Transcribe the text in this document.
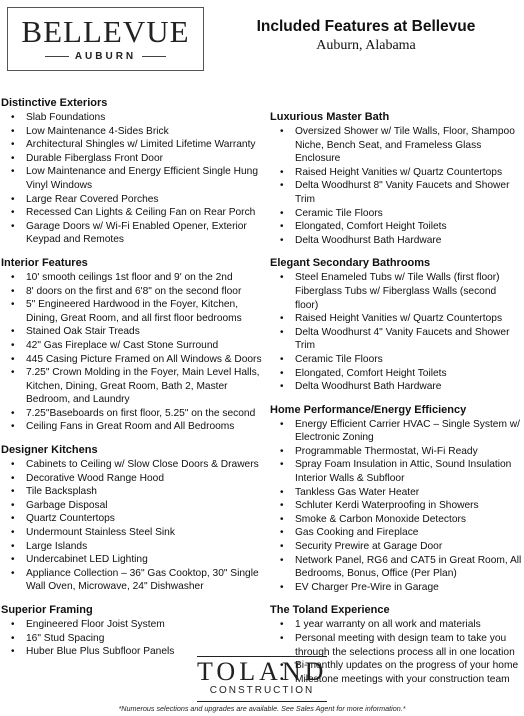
BELLEVUE
AUBURN
Included Features at Bellevue
Auburn, Alabama
Distinctive Exteriors
• Slab Foundations
• Low Maintenance 4-Sides Brick
• Architectural Shingles w/ Limited Lifetime Warranty
• Durable Fiberglass Front Door
• Low Maintenance and Energy Efficient Single Hung Vinyl Windows
• Large Rear Covered Porches
• Recessed Can Lights & Ceiling Fan on Rear Porch
• Garage Doors w/ Wi-Fi Enabled Opener, Exterior Keypad and Remotes
Interior Features
• 10' smooth ceilings 1st floor and 9' on the 2nd
• 8' doors on the first and 6'8" on the second floor
• 5" Engineered Hardwood in the Foyer, Kitchen, Dining, Great Room, and all first floor bedrooms
• Stained Oak Stair Treads
• 42" Gas Fireplace w/ Cast Stone Surround
• 445 Casing Picture Framed on All Windows & Doors
• 7.25" Crown Molding in the Foyer, Main Level Halls, Kitchen, Dining, Great Room, Bath 2, Master Bedroom, and Laundry
• 7.25"Baseboards on first floor, 5.25" on the second
• Ceiling Fans in Great Room and All Bedrooms
Designer Kitchens
• Cabinets to Ceiling w/ Slow Close Doors & Drawers
• Decorative Wood Range Hood
• Tile Backsplash
• Garbage Disposal
• Quartz Countertops
• Undermount Stainless Steel Sink
• Large Islands
• Undercabinet LED Lighting
• Appliance Collection – 36" Gas Cooktop, 30" Single Wall Oven, Microwave, 24" Dishwasher
Superior Framing
• Engineered Floor Joist System
• 16" Stud Spacing
• Huber Blue Plus Subfloor Panels
Luxurious Master Bath
• Oversized Shower w/ Tile Walls, Floor, Shampoo Niche, Bench Seat, and Frameless Glass Enclosure
• Raised Height Vanities w/ Quartz Countertops
• Delta Woodhurst 8" Vanity Faucets and Shower Trim
• Ceramic Tile Floors
• Elongated, Comfort Height Toilets
• Delta Woodhurst Bath Hardware
Elegant Secondary Bathrooms
• Steel Enameled Tubs w/ Tile Walls (first floor) Fiberglass Tubs w/ Fiberglass Walls (second floor)
• Raised Height Vanities w/ Quartz Countertops
• Delta Woodhurst 4" Vanity Faucets and Shower Trim
• Ceramic Tile Floors
• Elongated, Comfort Height Toilets
• Delta Woodhurst Bath Hardware
Home Performance/Energy Efficiency
• Energy Efficient Carrier HVAC – Single System w/ Electronic Zoning
• Programmable Thermostat, Wi-Fi Ready
• Spray Foam Insulation in Attic, Sound Insulation Interior Walls & Subfloor
• Tankless Gas Water Heater
• Schluter Kerdi Waterproofing in Showers
• Smoke & Carbon Monoxide Detectors
• Gas Cooking and Fireplace
• Security Prewire at Garage Door
• Network Panel, RG6 and CAT5 in Great Room, All Bedrooms, Bonus, Office (Per Plan)
• EV Charger Pre-Wire in Garage
The Toland Experience
• 1 year warranty on all work and materials
• Personal meeting with design team to take you through the selections process all in one location
• Bi-monthly updates on the progress of your home
• Milestone meetings with your construction team
TOLAND
CONSTRUCTION
*Numerous selections and upgrades are available. See Sales Agent for more information.*
